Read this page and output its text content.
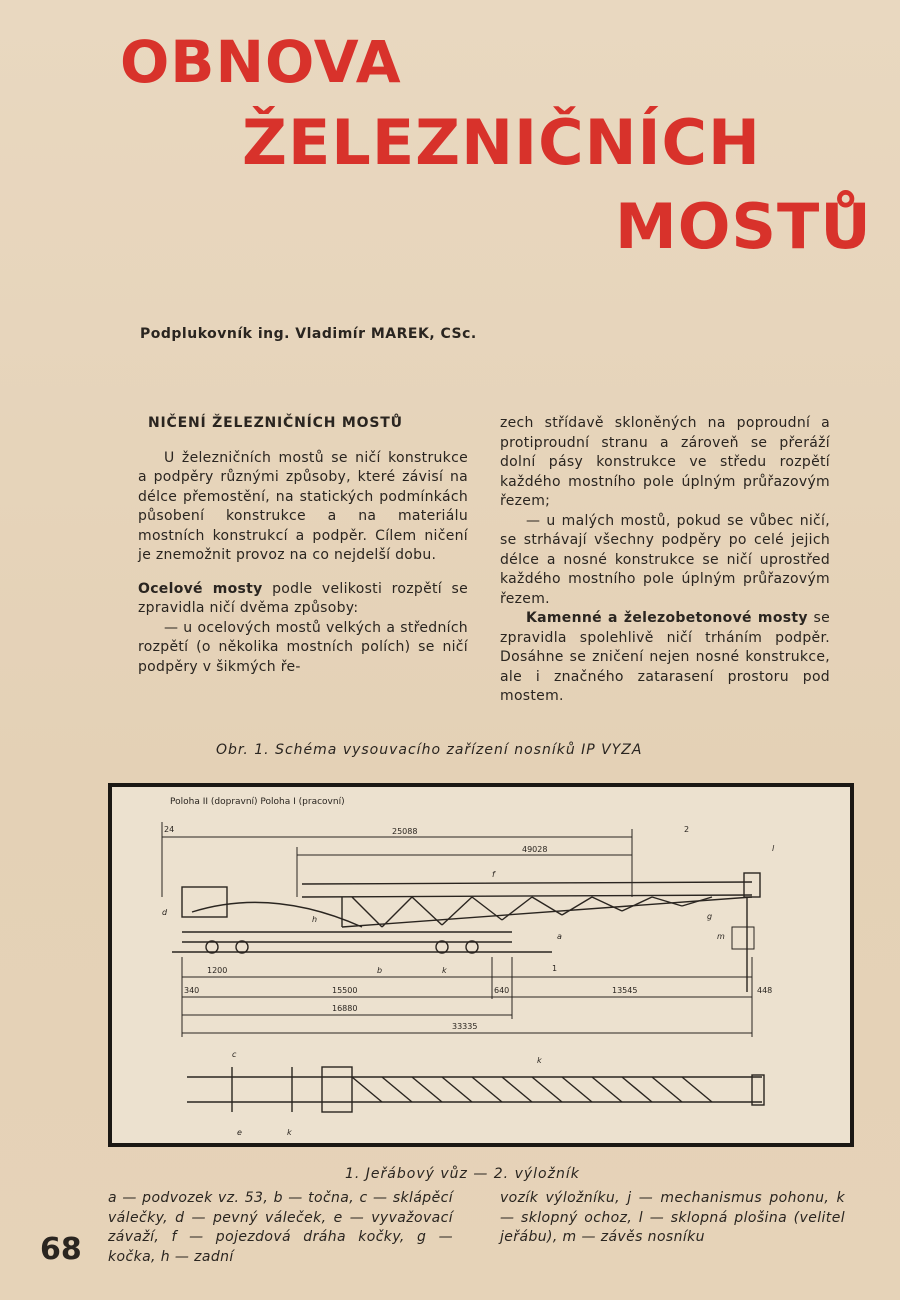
OBNOVA
ŽELEZNIČNÍCH
MOSTŮ
Podplukovník ing. Vladimír MAREK, CSc.

NIČENÍ ŽELEZNIČNÍCH MOSTŮ

U železničních mostů se ničí konstrukce a podpěry různými způsoby, které závisí na délce přemostění, na statických podmínkách působení konstrukce a na materiálu mostních konstrukcí a podpěr. Cílem ničení je znemožnit provoz na co nejdelší dobu.

Ocelové mosty podle velikosti rozpětí se zpravidla ničí dvěma způsoby:

— u ocelových mostů velkých a středních rozpětí (o několika mostních polích) se ničí podpěry v šikmých ře-

zech střídavě skloněných na poproudní a protiproudní stranu a zároveň se přeráží dolní pásy konstrukce ve středu rozpětí každého mostního pole úplným průřazovým řezem;

— u malých mostů, pokud se vůbec ničí, se strhávají všechny podpěry po celé jejich délce a nosné konstrukce se ničí uprostřed každého mostního pole úplným průřazovým řezem.

Kamenné a železobetonové mosty se zpravidla spolehlivě ničí trháním podpěr. Dosáhne se zničení nejen nosné konstrukce, ale i značného zatarasení prostoru pod mostem.

Obr. 1. Schéma vysouvacího zařízení nosníků IP VYZA
Poloha II (dopravní) Poloha I (pracovní)
24	25088
49028
1200
340	15500	640	13545	448
16880
33335
d
b	k
a
g
f
h
l
m
c
k
e	k
1
2
1. Jeřábový vůz — 2. výložník
a — podvozek vz. 53, b — točna, c — sklápěcí válečky, d — pevný váleček, e — vyvažovací závaží, f — pojezdová dráha kočky, g — kočka, h — zadní
vozík výložníku, j — mechanismus pohonu, k — sklopný ochoz, l — sklopná plošina (velitel jeřábu), m — závěs nosníku
68
